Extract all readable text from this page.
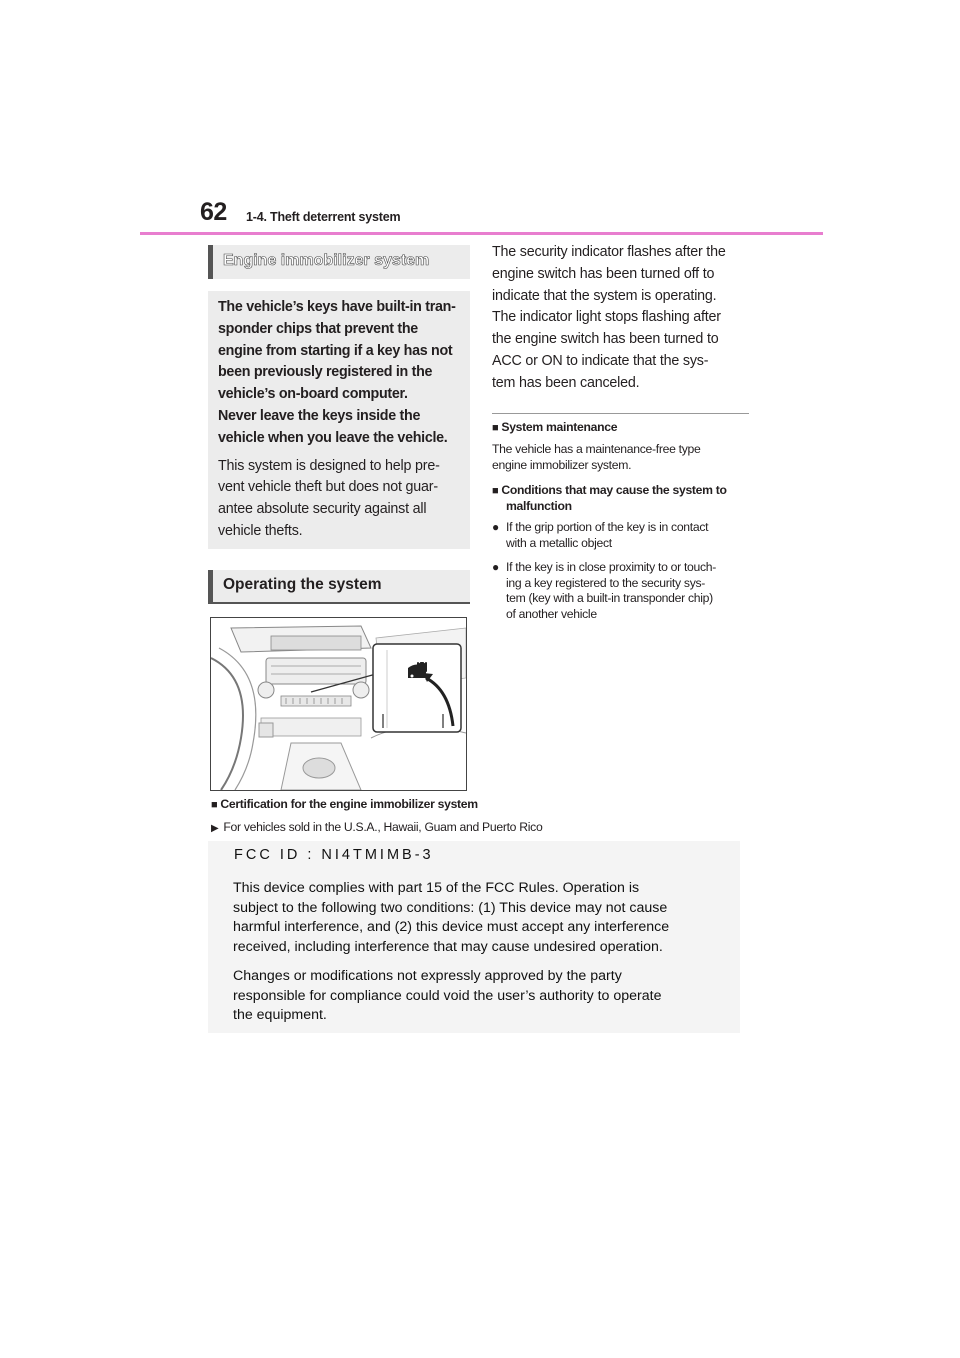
62 1-4. Theft deterrent system
Engine immobilizer system

The vehicle’s keys have built-in tran-
sponder chips that prevent the
engine from starting if a key has not
been previously registered in the
vehicle’s on-board computer.
Never leave the keys inside the
vehicle when you leave the vehicle.

This system is designed to help pre-
vent vehicle theft but does not guar-
antee absolute security against all
vehicle thefts.

Operating the system
The security indicator flashes after the
engine switch has been turned off to
indicate that the system is operating.
The indicator light stops flashing after
the engine switch has been turned to
ACC or ON to indicate that the sys-
tem has been canceled.
■ System maintenance
The vehicle has a maintenance-free type
engine immobilizer system.
■ Conditions that may cause the system to
malfunction
● If the grip portion of the key is in contact
with a metallic object
● If the key is in close proximity to or touch-
ing a key registered to the security sys-
tem (key with a built-in transponder chip)
of another vehicle
■ Certification for the engine immobilizer system
▶ For vehicles sold in the U.S.A., Hawaii, Guam and Puerto Rico

FCC ID : NI4TMIMB-3

This device complies with part 15 of the FCC Rules. Operation is
subject to the following two conditions: (1) This device may not cause
harmful interference, and (2) this device must accept any interference
received, including interference that may cause undesired operation.

Changes or modifications not expressly approved by the party
responsible for compliance could void the user’s authority to operate
the equipment.
